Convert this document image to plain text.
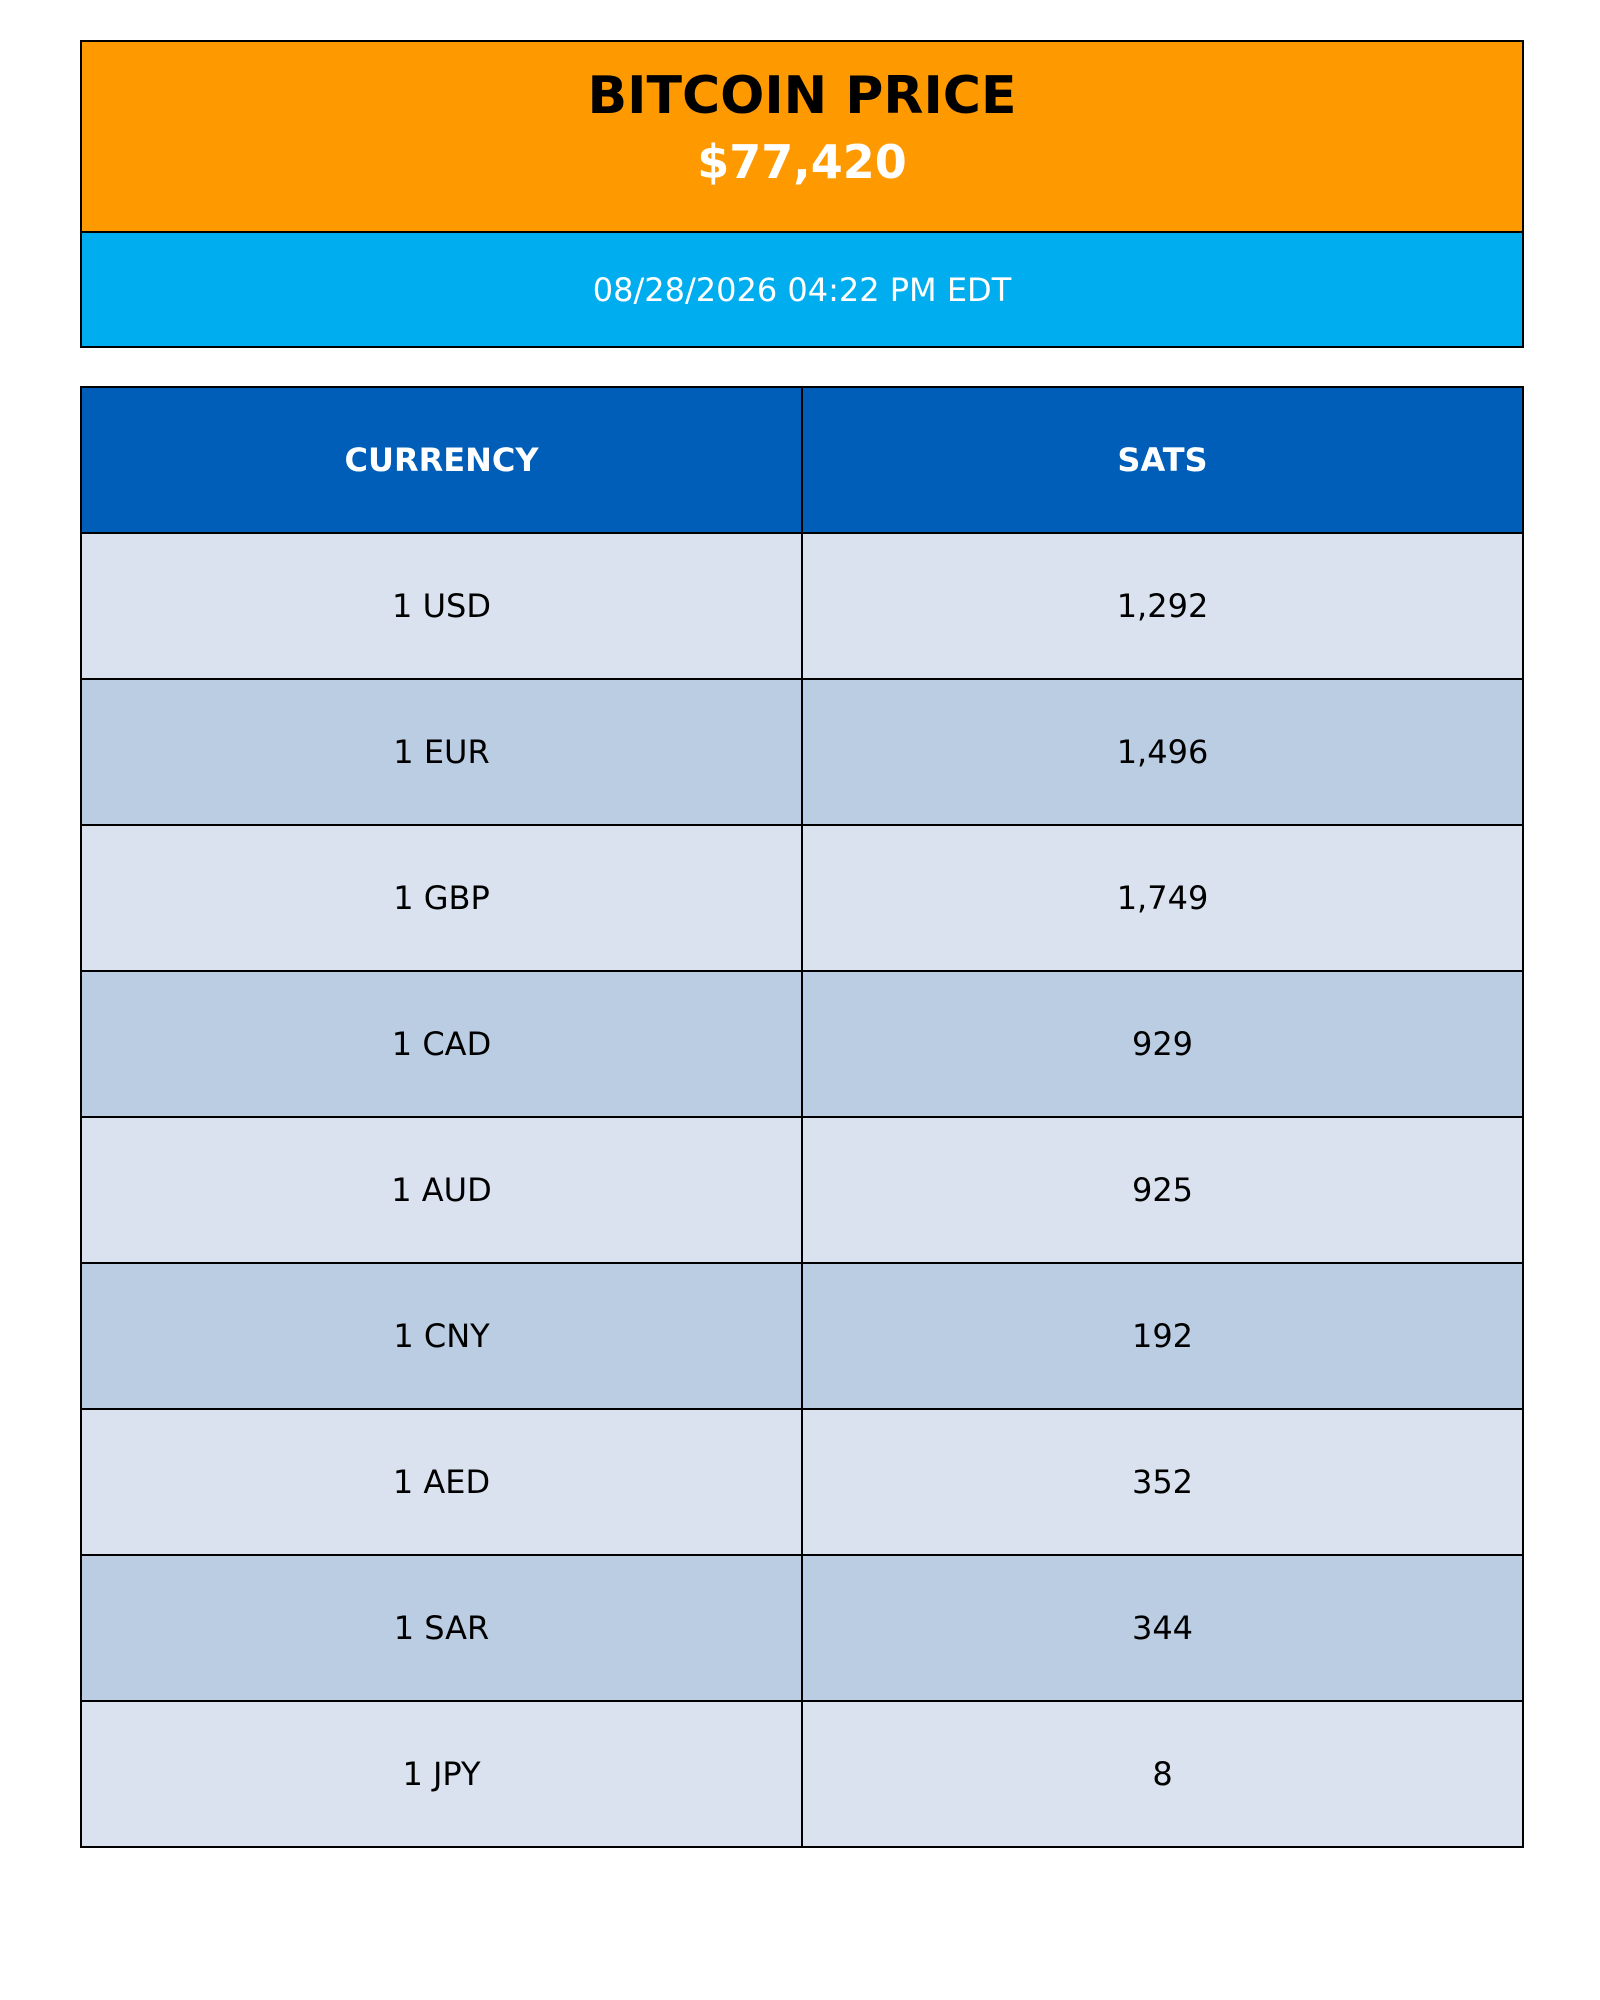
BITCOIN PRICE
$77,420
08/28/2026 04:22 PM EDT
CURRENCY	SATS
1 USD	1,292
1 EUR	1,496
1 GBP	1,749
1 CAD	929
1 AUD	925
1 CNY	192
1 AED	352
1 SAR	344
1 JPY	8
